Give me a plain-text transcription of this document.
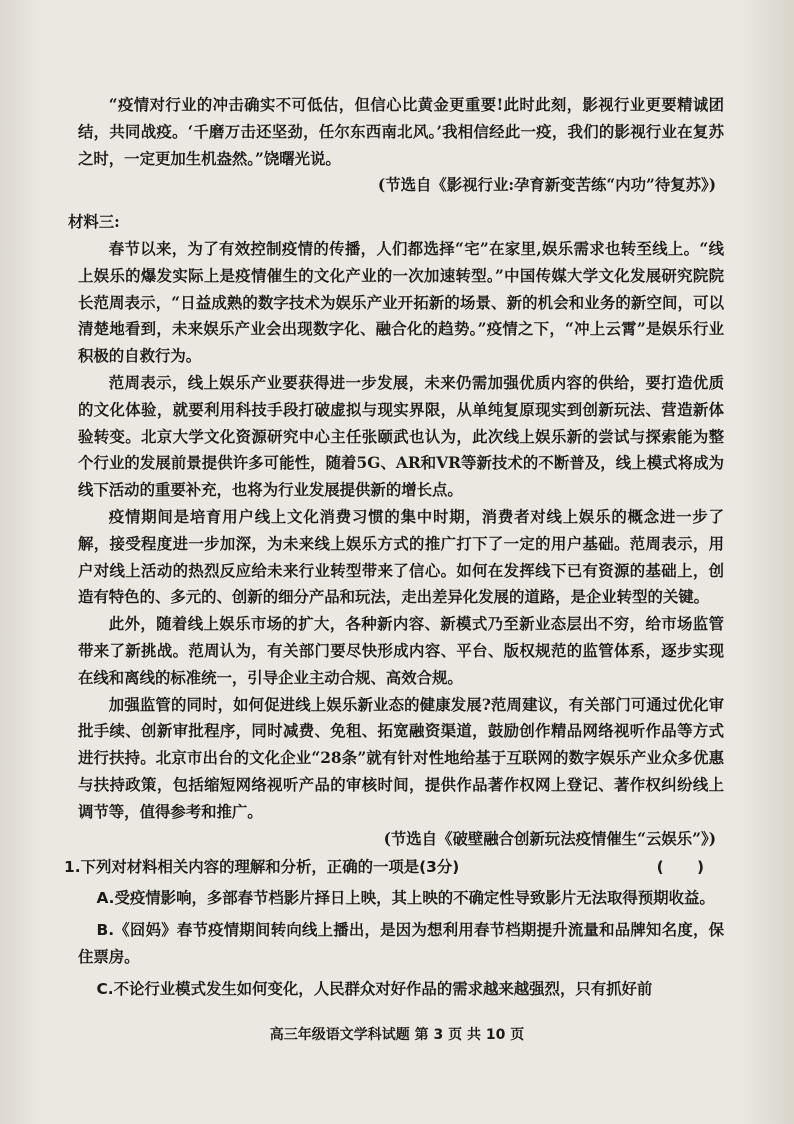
“疫情对行业的冲击确实不可低估，但信心比黄金更重要!此时此刻，影视行业更要精诚团结，共同战疫。‘千磨万击还坚劲，任尔东西南北风。’我相信经此一疫，我们的影视行业在复苏之时，一定更加生机盎然。”饶曙光说。

(节选自《影视行业:孕育新变苦练“内功”待复苏》)

材料三:

春节以来，为了有效控制疫情的传播，人们都选择“宅”在家里,娱乐需求也转至线上。“线上娱乐的爆发实际上是疫情催生的文化产业的一次加速转型。”中国传媒大学文化发展研究院院长范周表示，“日益成熟的数字技术为娱乐产业开拓新的场景、新的机会和业务的新空间，可以清楚地看到，未来娱乐产业会出现数字化、融合化的趋势。”疫情之下，“冲上云霄”是娱乐行业积极的自救行为。

范周表示，线上娱乐产业要获得进一步发展，未来仍需加强优质内容的供给，要打造优质的文化体验，就要利用科技手段打破虚拟与现实界限，从单纯复原现实到创新玩法、营造新体验转变。北京大学文化资源研究中心主任张颐武也认为，此次线上娱乐新的尝试与探索能为整个行业的发展前景提供许多可能性，随着5G、AR和VR等新技术的不断普及，线上模式将成为线下活动的重要补充，也将为行业发展提供新的增长点。

疫情期间是培育用户线上文化消费习惯的集中时期，消费者对线上娱乐的概念进一步了解，接受程度进一步加深，为未来线上娱乐方式的推广打下了一定的用户基础。范周表示，用户对线上活动的热烈反应给未来行业转型带来了信心。如何在发挥线下已有资源的基础上，创造有特色的、多元的、创新的细分产品和玩法，走出差异化发展的道路，是企业转型的关键。

此外，随着线上娱乐市场的扩大，各种新内容、新模式乃至新业态层出不穷，给市场监管带来了新挑战。范周认为，有关部门要尽快形成内容、平台、版权规范的监管体系，逐步实现在线和离线的标准统一，引导企业主动合规、高效合规。

加强监管的同时，如何促进线上娱乐新业态的健康发展?范周建议，有关部门可通过优化审批手续、创新审批程序，同时减费、免租、拓宽融资渠道，鼓励创作精品网络视听作品等方式进行扶持。北京市出台的文化企业“28条”就有针对性地给基于互联网的数字娱乐产业众多优惠与扶持政策，包括缩短网络视听产品的审核时间，提供作品著作权网上登记、著作权纠纷线上调节等，值得参考和推广。

(节选自《破壁融合创新玩法疫情催生“云娱乐”》)

1.下列对材料相关内容的理解和分析，正确的一项是(3分)	( )

A.受疫情影响，多部春节档影片择日上映，其上映的不确定性导致影片无法取得预期收益。

B.《囧妈》春节疫情期间转向线上播出，是因为想利用春节档期提升流量和品牌知名度，保住票房。

C.不论行业模式发生如何变化，人民群众对好作品的需求越来越强烈，只有抓好前

高三年级语文学科试题 第 3 页 共 10 页
